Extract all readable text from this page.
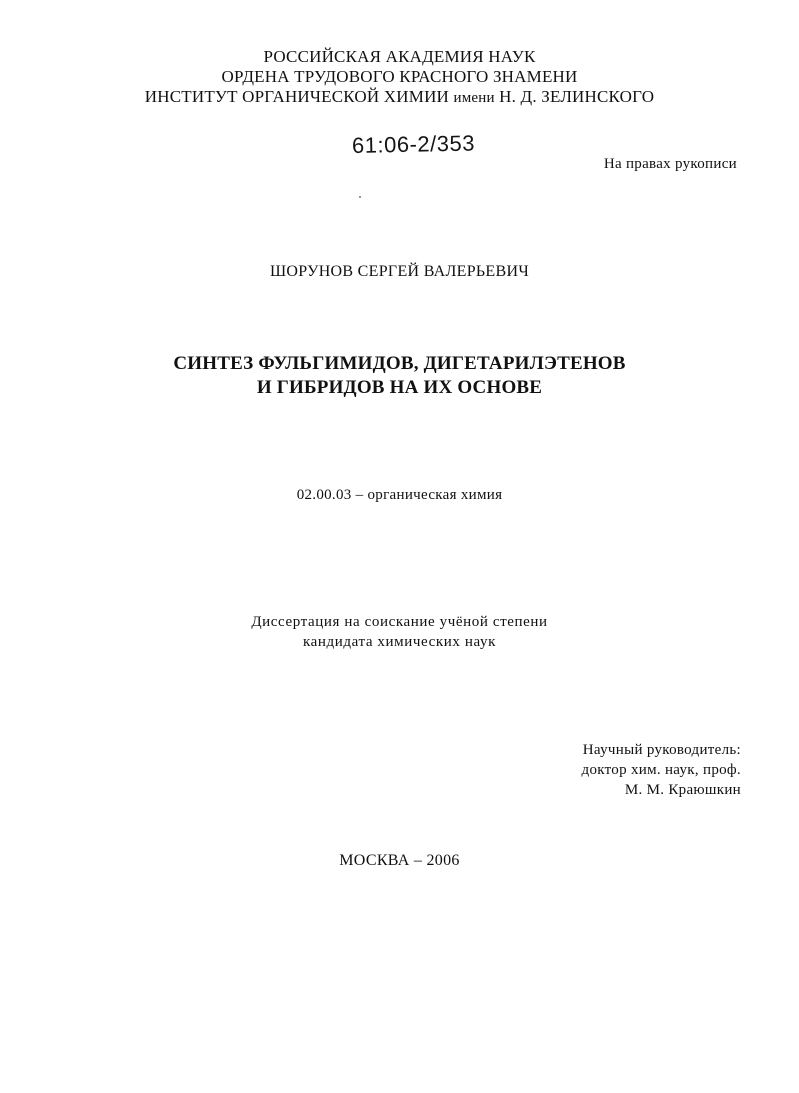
РОССИЙСКАЯ АКАДЕМИЯ НАУК
ОРДЕНА ТРУДОВОГО КРАСНОГО ЗНАМЕНИ
ИНСТИТУТ ОРГАНИЧЕСКОЙ ХИМИИ имени Н. Д. ЗЕЛИНСКОГО
61:06-2/353
На правах рукописи
ШОРУНОВ СЕРГЕЙ ВАЛЕРЬЕВИЧ
СИНТЕЗ ФУЛЬГИМИДОВ, ДИГЕТАРИЛЭТЕНОВ
И ГИБРИДОВ НА ИХ ОСНОВЕ
02.00.03 – органическая химия
Диссертация на соискание учёной степени
кандидата химических наук
Научный руководитель:
доктор хим. наук, проф.
М. М. Краюшкин
МОСКВА – 2006
